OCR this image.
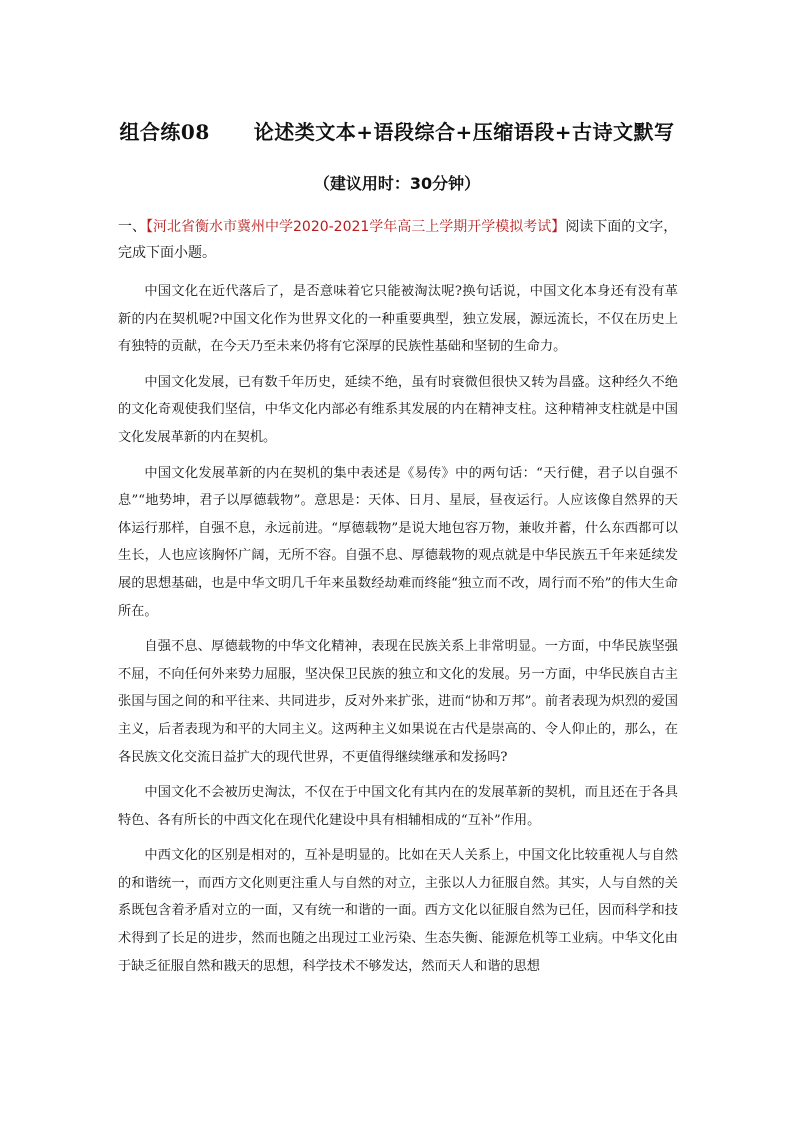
组合练08 论述类文本+语段综合+压缩语段+古诗文默写
（建议用时：30分钟）
一、【河北省衡水市冀州中学2020-2021学年高三上学期开学模拟考试】阅读下面的文字，完成下面小题。

中国文化在近代落后了，是否意味着它只能被淘汰呢?换句话说，中国文化本身还有没有革新的内在契机呢?中国文化作为世界文化的一种重要典型，独立发展，源远流长，不仅在历史上有独特的贡献，在今天乃至未来仍将有它深厚的民族性基础和坚韧的生命力。

中国文化发展，已有数千年历史，延续不绝，虽有时衰微但很快又转为昌盛。这种经久不绝的文化奇观使我们坚信，中华文化内部必有维系其发展的内在精神支柱。这种精神支柱就是中国文化发展革新的内在契机。

中国文化发展革新的内在契机的集中表述是《易传》中的两句话：“天行健，君子以自强不息”“地势坤，君子以厚德载物”。意思是：天体、日月、星辰，昼夜运行。人应该像自然界的天体运行那样，自强不息，永远前进。“厚德载物”是说大地包容万物，兼收并蓄，什么东西都可以生长，人也应该胸怀广阔，无所不容。自强不息、厚德载物的观点就是中华民族五千年来延续发展的思想基础，也是中华文明几千年来虽数经劫难而终能“独立而不改，周行而不殆”的伟大生命所在。

自强不息、厚德载物的中华文化精神，表现在民族关系上非常明显。一方面，中华民族坚强不屈，不向任何外来势力屈服，坚决保卫民族的独立和文化的发展。另一方面，中华民族自古主张国与国之间的和平往来、共同进步，反对外来扩张，进而“协和万邦”。前者表现为炽烈的爱国主义，后者表现为和平的大同主义。这两种主义如果说在古代是崇高的、令人仰止的，那么，在各民族文化交流日益扩大的现代世界，不更值得继续继承和发扬吗?

中国文化不会被历史淘汰，不仅在于中国文化有其内在的发展革新的契机，而且还在于各具特色、各有所长的中西文化在现代化建设中具有相辅相成的“互补”作用。

中西文化的区别是相对的，互补是明显的。比如在天人关系上，中国文化比较重视人与自然的和谐统一，而西方文化则更注重人与自然的对立，主张以人力征服自然。其实，人与自然的关系既包含着矛盾对立的一面，又有统一和谐的一面。西方文化以征服自然为已任，因而科学和技术得到了长足的进步，然而也随之出现过工业污染、生态失衡、能源危机等工业病。中华文化由于缺乏征服自然和戡天的思想，科学技术不够发达，然而天人和谐的思想
